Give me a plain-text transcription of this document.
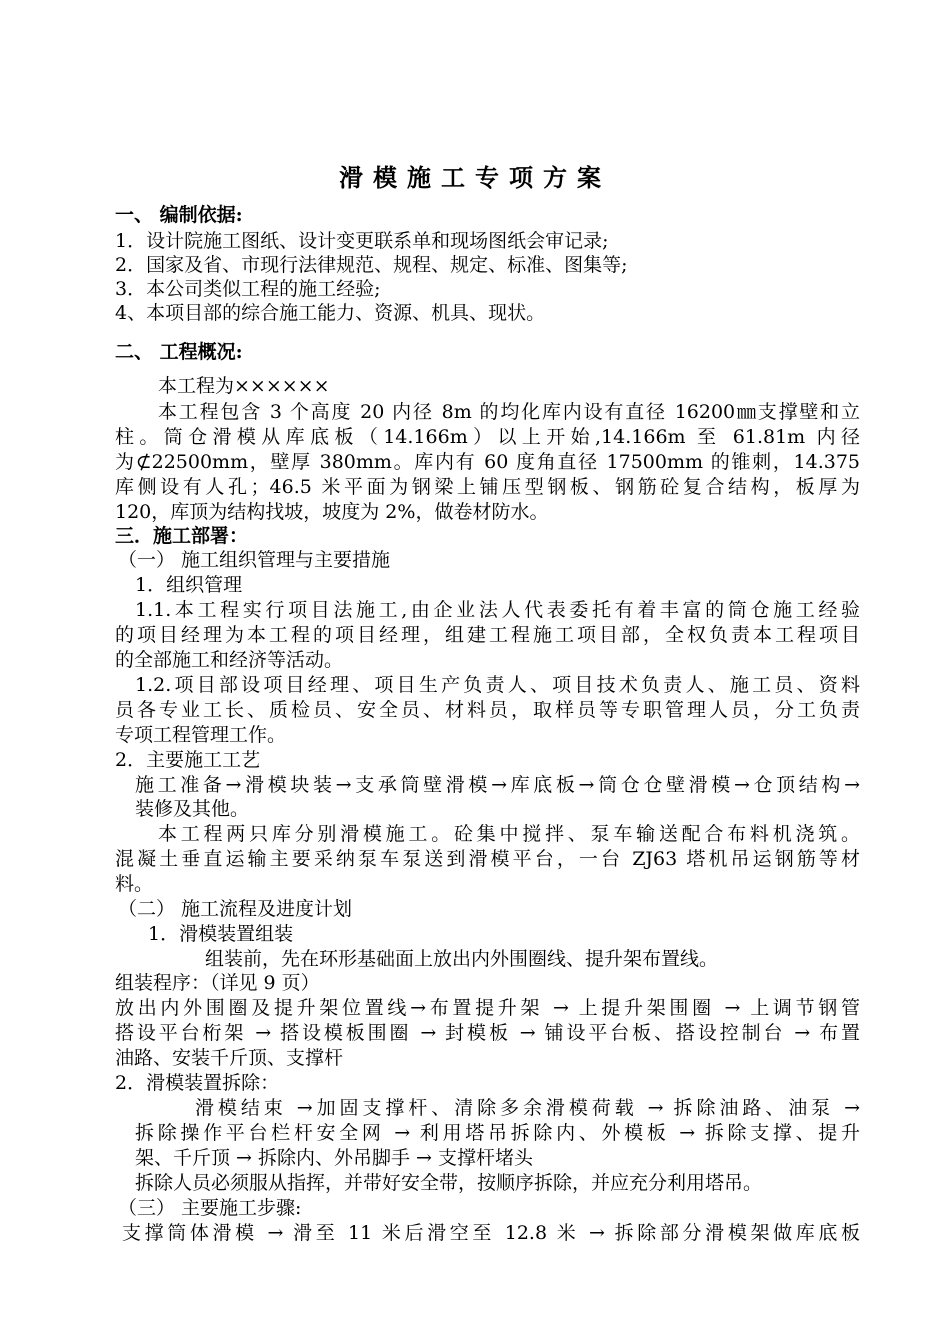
滑模施工专项方案
一、 编制依据:
1．设计院施工图纸、设计变更联系单和现场图纸会审记录;
2．国家及省、市现行法律规范、规程、规定、标准、图集等;
3．本公司类似工程的施工经验;
4、本项目部的综合施工能力、资源、机具、现状。
二、 工程概况:
本工程为××××××
本工程包含 3 个高度 20 内径 8m 的均化库内设有直径 16200㎜支撑壁和立
柱。筒仓滑模从库底板（14.166m）以上开始,14.166m 至 61.81m 内径
为⊄22500mm，壁厚 380mm。库内有 60 度角直径 17500mm 的锥刺，14.375
库侧设有人孔；46.5 米平面为钢梁上铺压型钢板、钢筋砼复合结构，板厚为
120，库顶为结构找坡，坡度为 2%，做卷材防水。
三．施工部署：
（一） 施工组织管理与主要措施
1．组织管理
1.1.本工程实行项目法施工,由企业法人代表委托有着丰富的筒仓施工经验
的项目经理为本工程的项目经理，组建工程施工项目部，全权负责本工程项目
的全部施工和经济等活动。
1.2.项目部设项目经理、项目生产负责人、项目技术负责人、施工员、资料
员各专业工长、质检员、安全员、材料员，取样员等专职管理人员，分工负责
专项工程管理工作。
2．主要施工工艺
施工准备→滑模块装→支承筒壁滑模→库底板→筒仓仓壁滑模→仓顶结构→
装修及其他。
本工程两只库分别滑模施工。砼集中搅拌、泵车输送配合布料机浇筑。
混凝土垂直运输主要采纳泵车泵送到滑模平台，一台 ZJ63 塔机吊运钢筋等材
料。
（二） 施工流程及进度计划
1．滑模装置组装
组装前，先在环形基础面上放出内外围圈线、提升架布置线。
组装程序：（详见 9 页）
放出内外围圈及提升架位置线→布置提升架 → 上提升架围圈 → 上调节钢管
搭设平台桁架 → 搭设模板围圈 → 封模板 → 铺设平台板、搭设控制台 → 布置
油路、安装千斤顶、支撑杆
2．滑模装置拆除：
滑模结束 →加固支撑杆、清除多余滑模荷载 → 拆除油路、油泵 →
拆除操作平台栏杆安全网 → 利用塔吊拆除内、外模板 → 拆除支撑、提升
架、千斤顶 → 拆除内、外吊脚手 → 支撑杆堵头
拆除人员必须服从指挥，并带好安全带，按顺序拆除，并应充分利用塔吊。
（三） 主要施工步骤:
支撑筒体滑模 → 滑至 11 米后滑空至 12.8 米 → 拆除部分滑模架做库底板
